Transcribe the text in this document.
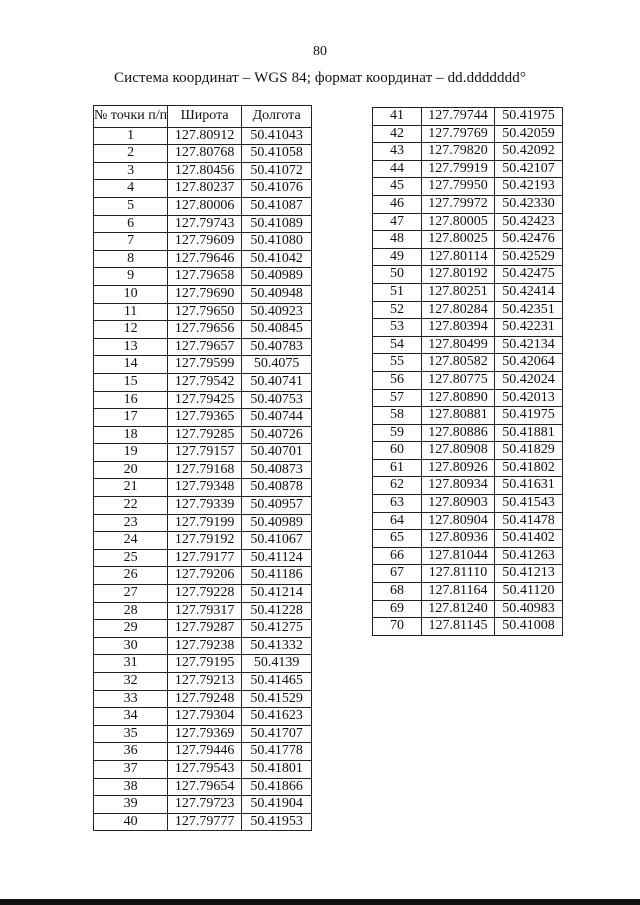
80
Система координат – WGS 84; формат координат – dd.ddddddd°
№ точки п/п	Широта	Долгота
1	127.80912	50.41043
2	127.80768	50.41058
3	127.80456	50.41072
4	127.80237	50.41076
5	127.80006	50.41087
6	127.79743	50.41089
7	127.79609	50.41080
8	127.79646	50.41042
9	127.79658	50.40989
10	127.79690	50.40948
11	127.79650	50.40923
12	127.79656	50.40845
13	127.79657	50.40783
14	127.79599	50.4075
15	127.79542	50.40741
16	127.79425	50.40753
17	127.79365	50.40744
18	127.79285	50.40726
19	127.79157	50.40701
20	127.79168	50.40873
21	127.79348	50.40878
22	127.79339	50.40957
23	127.79199	50.40989
24	127.79192	50.41067
25	127.79177	50.41124
26	127.79206	50.41186
27	127.79228	50.41214
28	127.79317	50.41228
29	127.79287	50.41275
30	127.79238	50.41332
31	127.79195	50.4139
32	127.79213	50.41465
33	127.79248	50.41529
34	127.79304	50.41623
35	127.79369	50.41707
36	127.79446	50.41778
37	127.79543	50.41801
38	127.79654	50.41866
39	127.79723	50.41904
40	127.79777	50.41953
41	127.79744	50.41975
42	127.79769	50.42059
43	127.79820	50.42092
44	127.79919	50.42107
45	127.79950	50.42193
46	127.79972	50.42330
47	127.80005	50.42423
48	127.80025	50.42476
49	127.80114	50.42529
50	127.80192	50.42475
51	127.80251	50.42414
52	127.80284	50.42351
53	127.80394	50.42231
54	127.80499	50.42134
55	127.80582	50.42064
56	127.80775	50.42024
57	127.80890	50.42013
58	127.80881	50.41975
59	127.80886	50.41881
60	127.80908	50.41829
61	127.80926	50.41802
62	127.80934	50.41631
63	127.80903	50.41543
64	127.80904	50.41478
65	127.80936	50.41402
66	127.81044	50.41263
67	127.81110	50.41213
68	127.81164	50.41120
69	127.81240	50.40983
70	127.81145	50.41008
